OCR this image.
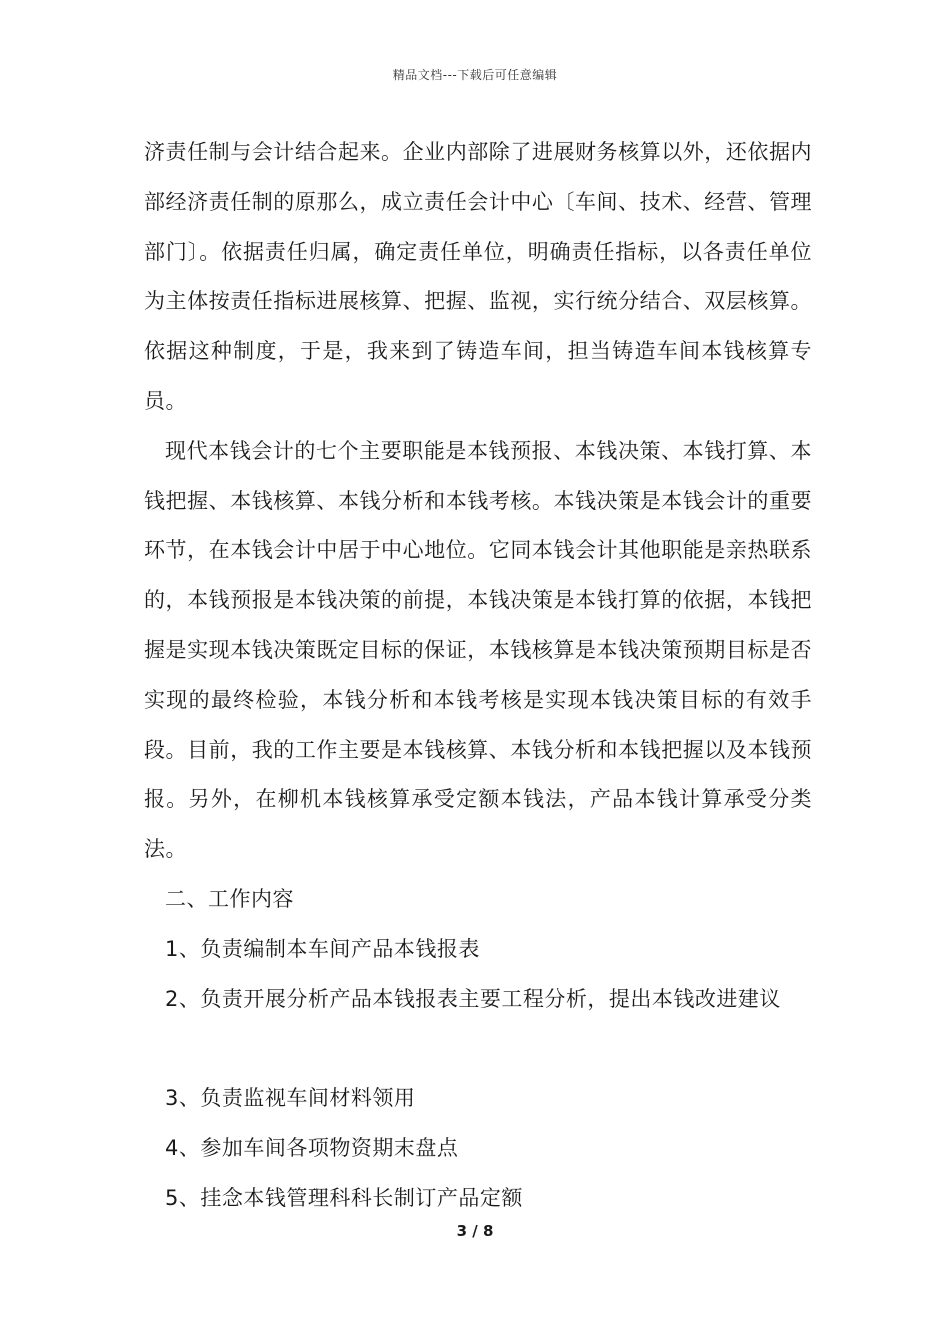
精品文档---下载后可任意编辑

济责任制与会计结合起来。企业内部除了进展财务核算以外，还依据内部经济责任制的原那么，成立责任会计中心〔车间、技术、经营、管理部门〕。依据责任归属，确定责任单位，明确责任指标，以各责任单位为主体按责任指标进展核算、把握、监视，实行统分结合、双层核算。依据这种制度，于是，我来到了铸造车间，担当铸造车间本钱核算专员。

现代本钱会计的七个主要职能是本钱预报、本钱决策、本钱打算、本钱把握、本钱核算、本钱分析和本钱考核。本钱决策是本钱会计的重要环节，在本钱会计中居于中心地位。它同本钱会计其他职能是亲热联系的，本钱预报是本钱决策的前提，本钱决策是本钱打算的依据，本钱把握是实现本钱决策既定目标的保证，本钱核算是本钱决策预期目标是否实现的最终检验，本钱分析和本钱考核是实现本钱决策目标的有效手段。目前，我的工作主要是本钱核算、本钱分析和本钱把握以及本钱预报。另外，在柳机本钱核算承受定额本钱法，产品本钱计算承受分类法。

二、工作内容

1、负责编制本车间产品本钱报表

2、负责开展分析产品本钱报表主要工程分析，提出本钱改进建议

3、负责监视车间材料领用

4、参加车间各项物资期末盘点

5、挂念本钱管理科科长制订产品定额

3 / 8
